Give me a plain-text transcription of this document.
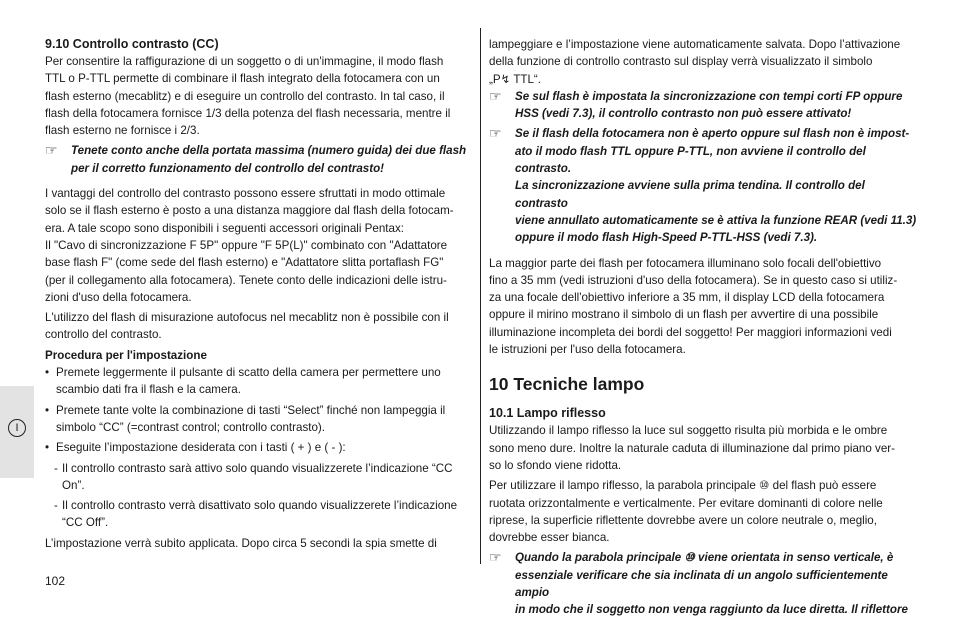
I
9.10 Controllo contrasto (CC)

Per consentire la raffigurazione di un soggetto o di un'immagine, il modo flash
TTL o P-TTL permette di combinare il flash integrato della fotocamera con un
flash esterno (mecablitz) e di eseguire un controllo del contrasto. In tal caso, il
flash della fotocamera fornisce 1/3 della potenza del flash necessaria, mentre il
flash esterno ne fornisce i 2/3.

☞	Tenete conto anche della portata massima (numero guida) dei due flash
per il corretto funzionamento del controllo del contrasto!

I vantaggi del controllo del contrasto possono essere sfruttati in modo ottimale
solo se il flash esterno è posto a una distanza maggiore dal flash della fotocam-
era. A tale scopo sono disponibili i seguenti accessori originali Pentax:

Il "Cavo di sincronizzazione F 5P" oppure "F 5P(L)" combinato con "Adattatore
base flash F" (come sede del flash esterno) e "Adattatore slitta portaflash FG"
(per il collegamento alla fotocamera). Tenete conto delle indicazioni delle istru-
zioni d'uso della fotocamera.

L'utilizzo del flash di misurazione autofocus nel mecablitz non è possibile con il
controllo del contrasto.

Procedura per l'impostazione

• Premete leggermente il pulsante di scatto della camera per permettere uno
scambio dati fra il flash e la camera.
• Premete tante volte la combinazione di tasti “Select” finché non lampeggia il
simbolo “CC” (=contrast control; controllo contrasto).
• Eseguite l’impostazione desiderata con i tasti ( + ) e ( - ):
- Il controllo contrasto sarà attivo solo quando visualizzerete l’indicazione “CC
On”.
- Il controllo contrasto verrà disattivato solo quando visualizzerete l’indicazione
“CC Off”.

L’impostazione verrà subito applicata. Dopo circa 5 secondi la spia smette di

lampeggiare e l’impostazione viene automaticamente salvata. Dopo l’attivazione
della funzione di controllo contrasto sul display verrà visualizzato il simbolo
„P↯ TTL“.

☞	Se sul flash è impostata la sincronizzazione con tempi corti FP oppure
HSS (vedi 7.3), il controllo contrasto non può essere attivato!
☞	Se il flash della fotocamera non è aperto oppure sul flash non è impost-
ato il modo flash TTL oppure P-TTL, non avviene il controllo del contrasto.
La sincronizzazione avviene sulla prima tendina. Il controllo del contrasto
viene annullato automaticamente se è attiva la funzione REAR (vedi 11.3)
oppure il modo flash High-Speed P-TTL-HSS (vedi 7.3).

La maggior parte dei flash per fotocamera illuminano solo focali dell'obiettivo
fino a 35 mm (vedi istruzioni d'uso della fotocamera). Se in questo caso si utiliz-
za una focale dell'obiettivo inferiore a 35 mm, il display LCD della fotocamera
oppure il mirino mostrano il simbolo di un flash per avvertire di una possibile
illuminazione incompleta dei bordi del soggetto! Per maggiori informazioni vedi
le istruzioni per l'uso della fotocamera.

10 Tecniche lampo
10.1 Lampo riflesso

Utilizzando il lampo riflesso la luce sul soggetto risulta più morbida e le ombre
sono meno dure. Inoltre la naturale caduta di illuminazione dal primo piano ver-
so lo sfondo viene ridotta.

Per utilizzare il lampo riflesso, la parabola principale ⑩ del flash può essere
ruotata orizzontalmente e verticalmente. Per evitare dominanti di colore nelle
riprese, la superficie riflettente dovrebbe avere un colore neutrale o, meglio,
dovrebbe esser bianca.

☞	Quando la parabola principale ⑩ viene orientata in senso verticale, è
essenziale verificare che sia inclinata di un angolo sufficientemente ampio
in modo che il soggetto non venga raggiunto da luce diretta. Il riflettore
102
